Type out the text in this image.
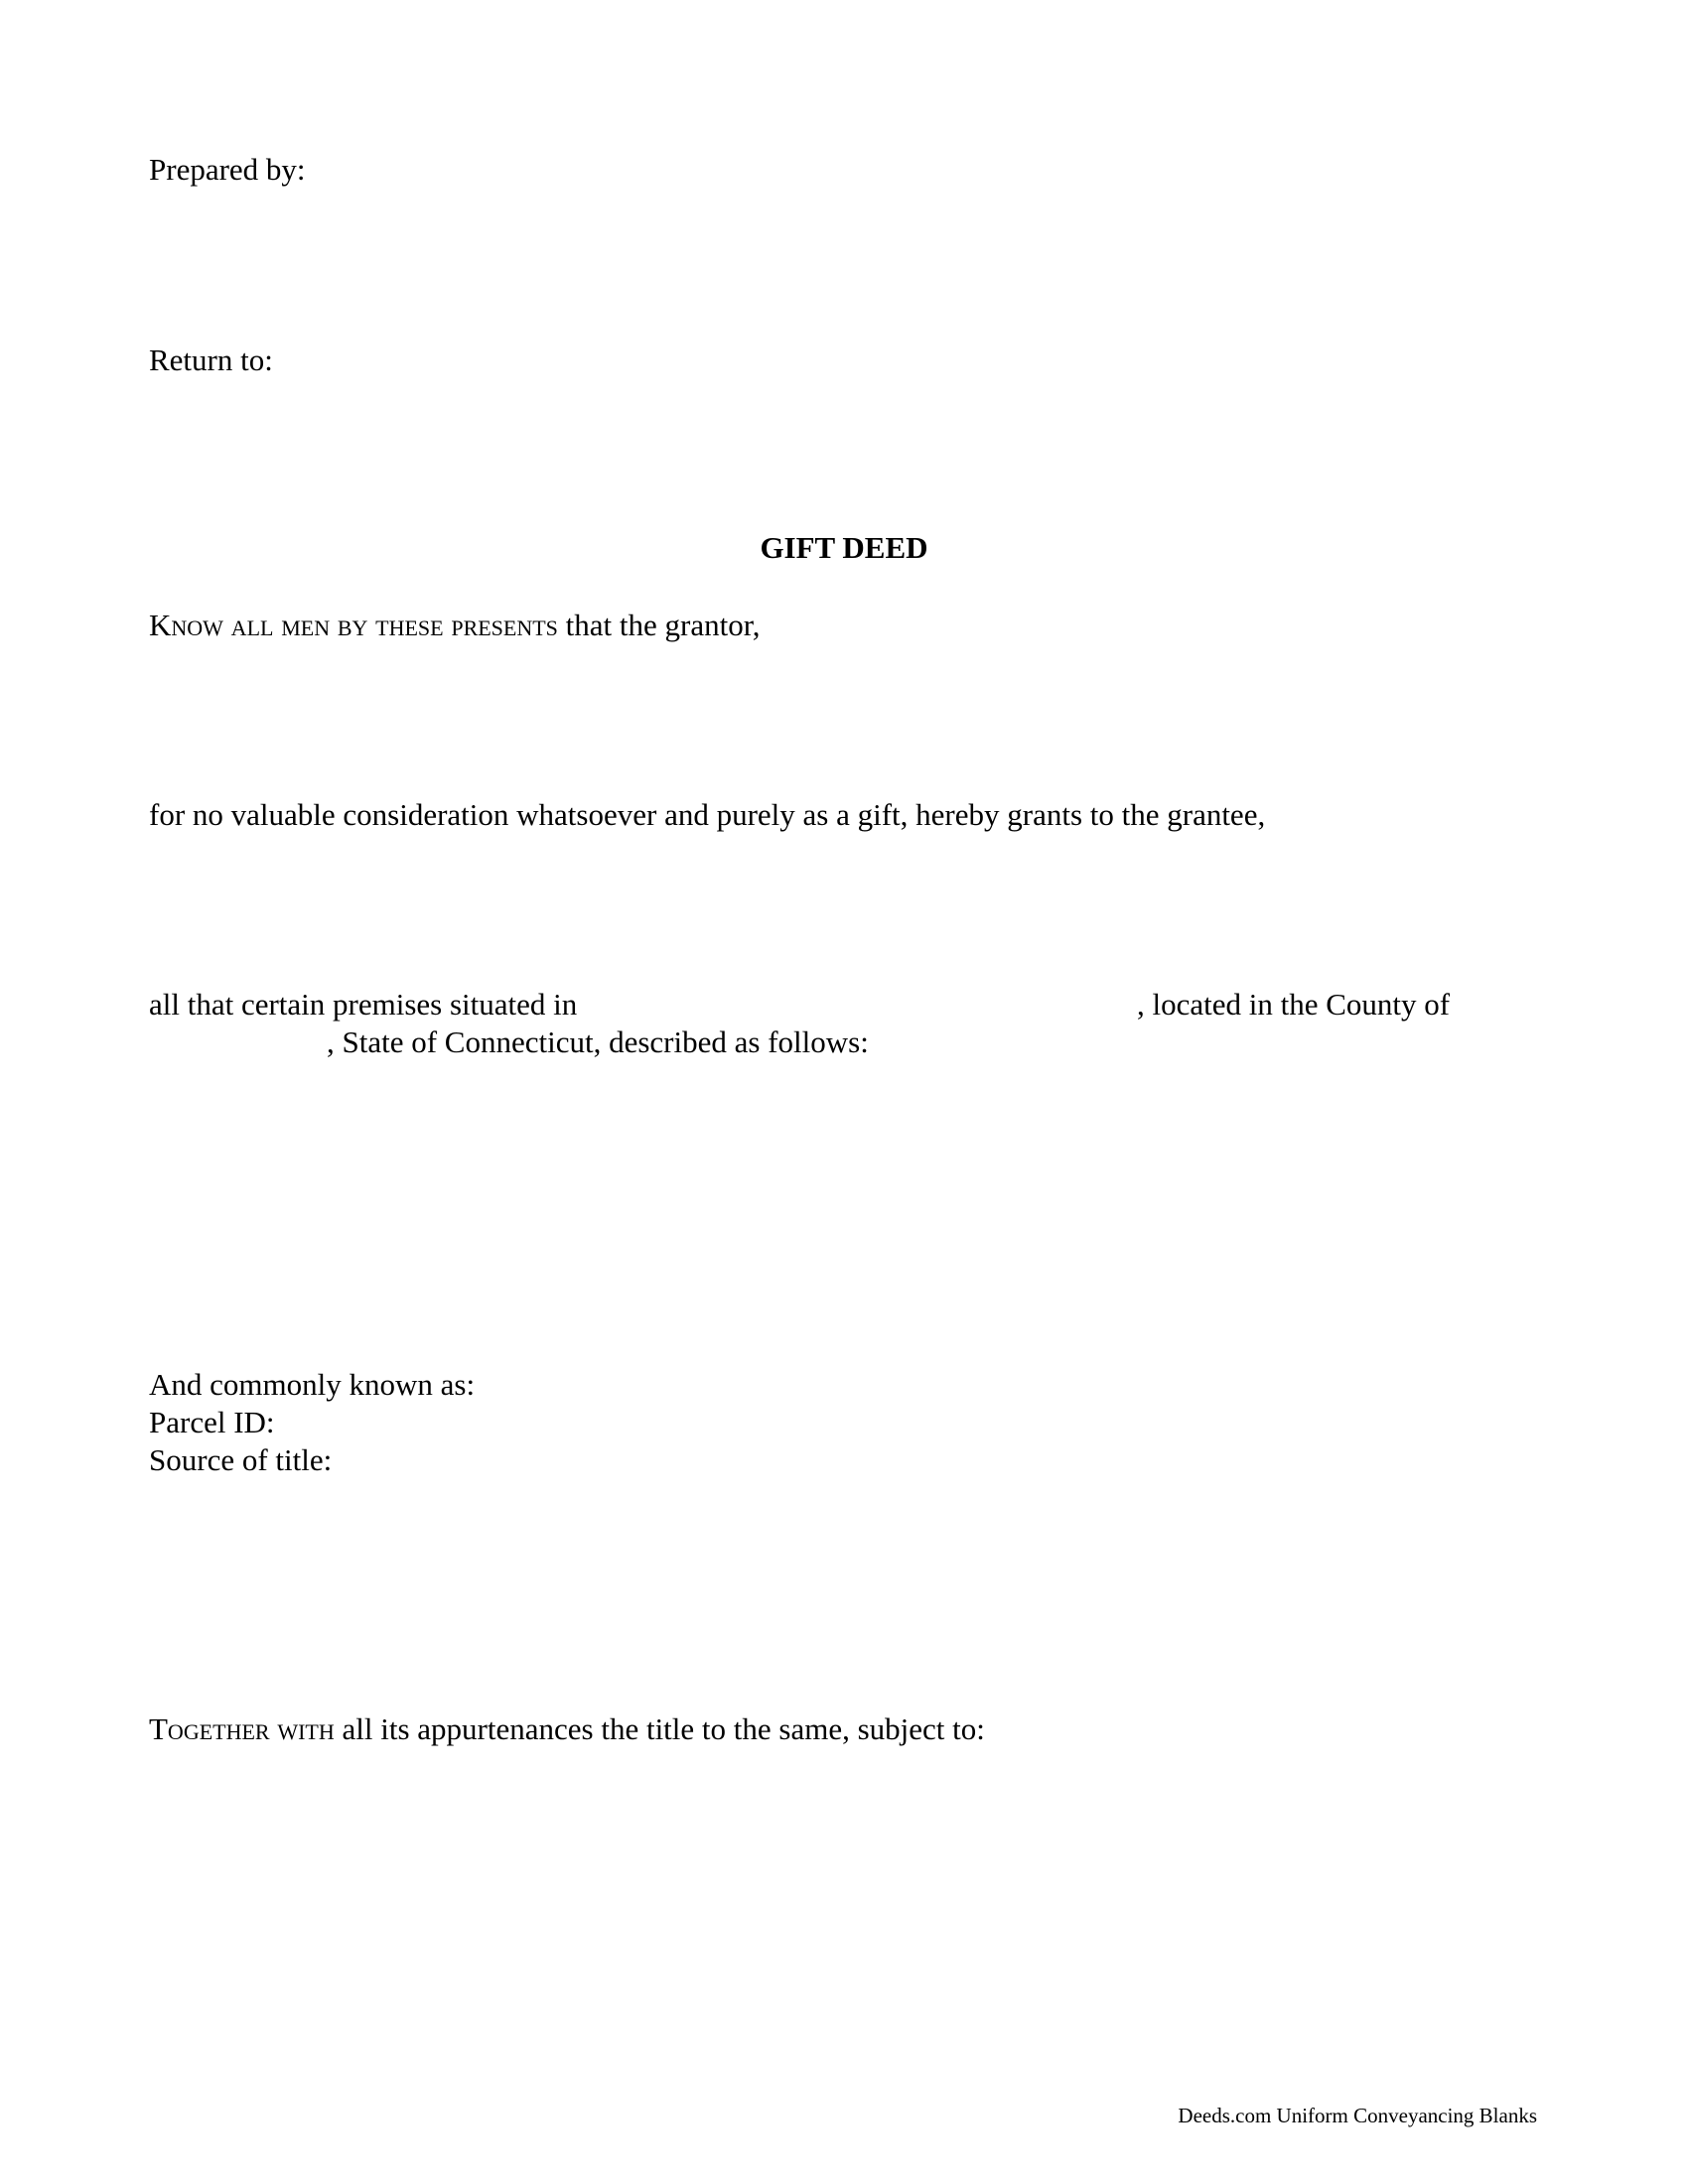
Prepared by:
Return to:
GIFT DEED
Know all men by these presents that the grantor,
for no valuable consideration whatsoever and purely as a gift, hereby grants to the grantee,
all that certain premises situated in	, located in the County of
, State of Connecticut, described as follows:
And commonly known as:
Parcel ID:
Source of title:
Together with all its appurtenances the title to the same, subject to:
Deeds.com Uniform Conveyancing Blanks
